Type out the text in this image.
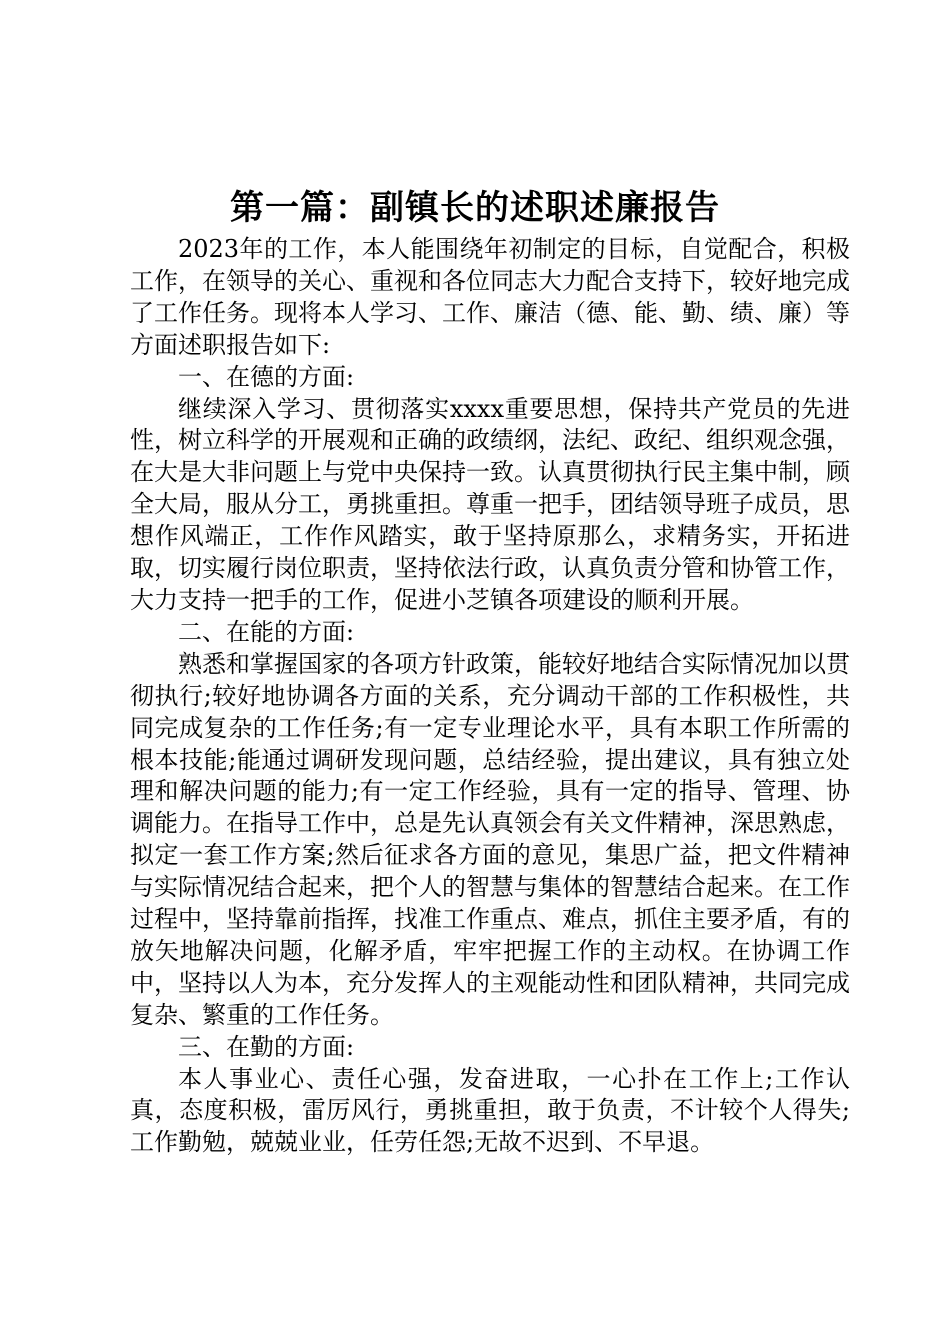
第一篇：副镇长的述职述廉报告

2023年的工作，本人能围绕年初制定的目标，自觉配合，积极工作，在领导的关心、重视和各位同志大力配合支持下，较好地完成了工作任务。现将本人学习、工作、廉洁（德、能、勤、绩、廉）等方面述职报告如下:

一、在德的方面:

继续深入学习、贯彻落实xxxx重要思想，保持共产党员的先进性，树立科学的开展观和正确的政绩纲，法纪、政纪、组织观念强，在大是大非问题上与党中央保持一致。认真贯彻执行民主集中制，顾全大局，服从分工，勇挑重担。尊重一把手，团结领导班子成员，思想作风端正，工作作风踏实，敢于坚持原那么，求精务实，开拓进取，切实履行岗位职责，坚持依法行政，认真负责分管和协管工作，大力支持一把手的工作，促进小芝镇各项建设的顺利开展。

二、在能的方面:

熟悉和掌握国家的各项方针政策，能较好地结合实际情况加以贯彻执行;较好地协调各方面的关系，充分调动干部的工作积极性，共同完成复杂的工作任务;有一定专业理论水平，具有本职工作所需的根本技能;能通过调研发现问题，总结经验，提出建议，具有独立处理和解决问题的能力;有一定工作经验，具有一定的指导、管理、协调能力。在指导工作中，总是先认真领会有关文件精神，深思熟虑，拟定一套工作方案;然后征求各方面的意见，集思广益，把文件精神与实际情况结合起来，把个人的智慧与集体的智慧结合起来。在工作过程中，坚持靠前指挥，找准工作重点、难点，抓住主要矛盾，有的放矢地解决问题，化解矛盾，牢牢把握工作的主动权。在协调工作中，坚持以人为本，充分发挥人的主观能动性和团队精神，共同完成复杂、繁重的工作任务。

三、在勤的方面:

本人事业心、责任心强，发奋进取，一心扑在工作上;工作认真，态度积极，雷厉风行，勇挑重担，敢于负责，不计较个人得失;工作勤勉，兢兢业业，任劳任怨;无故不迟到、不早退。
